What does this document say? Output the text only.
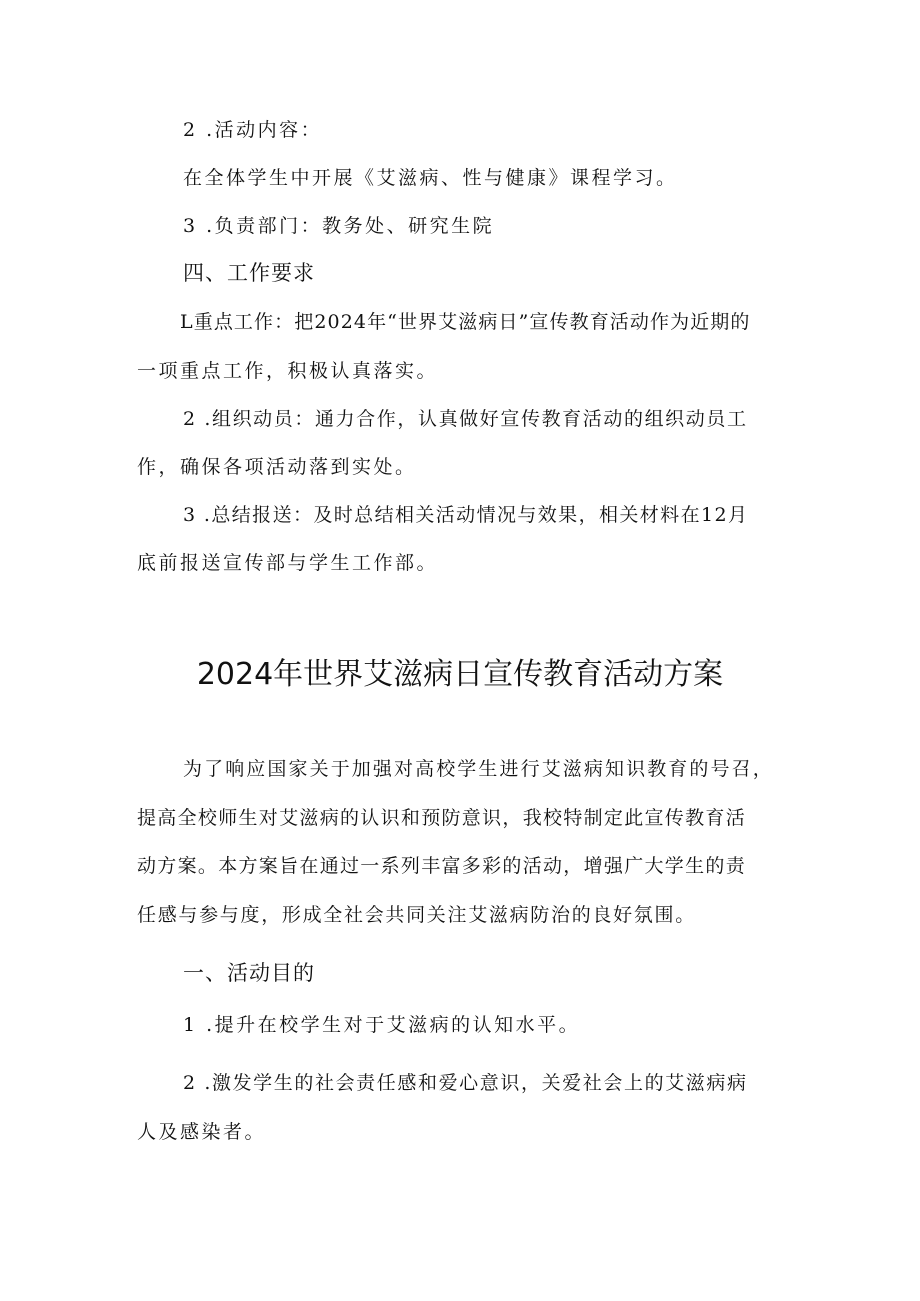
2 .活动内容：
在全体学生中开展《艾滋病、性与健康》课程学习。
3 .负责部门：教务处、研究生院
四、工作要求
L重点工作：把2024年“世界艾滋病日”宣传教育活动作为近期的
一项重点工作，积极认真落实。
2 .组织动员：通力合作，认真做好宣传教育活动的组织动员工
作，确保各项活动落到实处。
3 .总结报送：及时总结相关活动情况与效果，相关材料在12月
底前报送宣传部与学生工作部。
2024年世界艾滋病日宣传教育活动方案
为了响应国家关于加强对高校学生进行艾滋病知识教育的号召，
提高全校师生对艾滋病的认识和预防意识，我校特制定此宣传教育活
动方案。本方案旨在通过一系列丰富多彩的活动，增强广大学生的责
任感与参与度，形成全社会共同关注艾滋病防治的良好氛围。
一、活动目的
1 .提升在校学生对于艾滋病的认知水平。
2 .激发学生的社会责任感和爱心意识，关爱社会上的艾滋病病
人及感染者。
